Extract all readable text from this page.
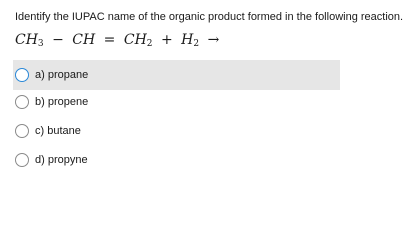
Identify the IUPAC name of the organic product formed in the following reaction.
$CH_3$ − CH = $CH_2 + H_2$ →
a) propane
b) propene
c) butane
d) propyne
